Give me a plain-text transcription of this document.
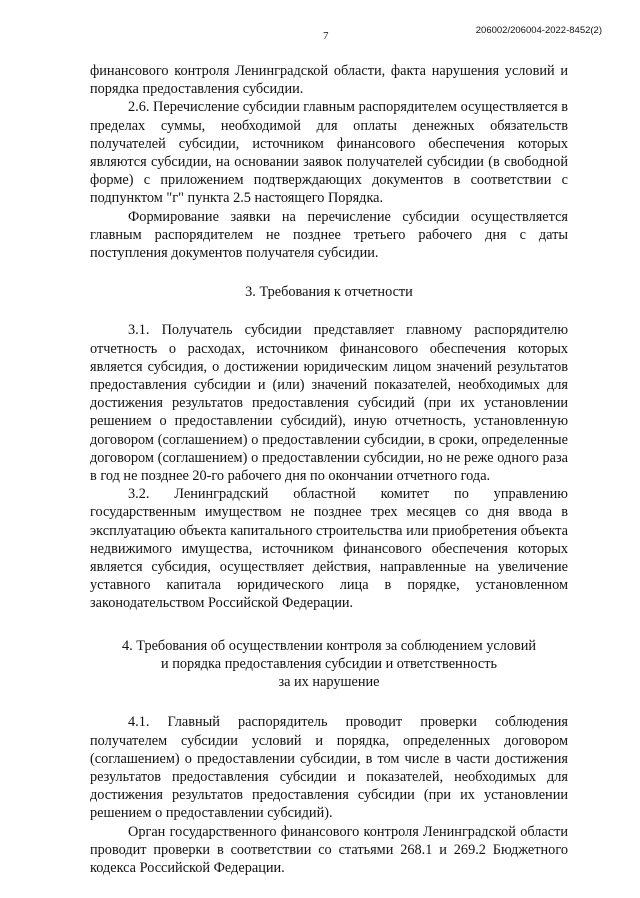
7	206002/206004-2022-8452(2)

финансового контроля Ленинградской области, факта нарушения условий и порядка предоставления субсидии.

2.6. Перечисление субсидии главным распорядителем осуществляется в пределах суммы, необходимой для оплаты денежных обязательств получателей субсидии, источником финансового обеспечения которых являются субсидии, на основании заявок получателей субсидии (в свободной форме) с приложением подтверждающих документов в соответствии с подпунктом "г" пункта 2.5 настоящего Порядка.

Формирование заявки на перечисление субсидии осуществляется главным распорядителем не позднее третьего рабочего дня с даты поступления документов получателя субсидии.

3. Требования к отчетности

3.1. Получатель субсидии представляет главному распорядителю отчетность о расходах, источником финансового обеспечения которых является субсидия, о достижении юридическим лицом значений результатов предоставления субсидии и (или) значений показателей, необходимых для достижения результатов предоставления субсидий (при их установлении решением о предоставлении субсидий), иную отчетность, установленную договором (соглашением) о предоставлении субсидии, в сроки, определенные договором (соглашением) о предоставлении субсидии, но не реже одного раза в год не позднее 20-го рабочего дня по окончании отчетного года.

3.2. Ленинградский областной комитет по управлению государственным имуществом не позднее трех месяцев со дня ввода в эксплуатацию объекта капитального строительства или приобретения объекта недвижимого имущества, источником финансового обеспечения которых является субсидия, осуществляет действия, направленные на увеличение уставного капитала юридического лица в порядке, установленном законодательством Российской Федерации.

4. Требования об осуществлении контроля за соблюдением условий
и порядка предоставления субсидии и ответственность
за их нарушение

4.1. Главный распорядитель проводит проверки соблюдения получателем субсидии условий и порядка, определенных договором (соглашением) о предоставлении субсидии, в том числе в части достижения результатов предоставления субсидии и показателей, необходимых для достижения результатов предоставления субсидии (при их установлении решением о предоставлении субсидий).

Орган государственного финансового контроля Ленинградской области проводит проверки в соответствии со статьями 268.1 и 269.2 Бюджетного кодекса Российской Федерации.
